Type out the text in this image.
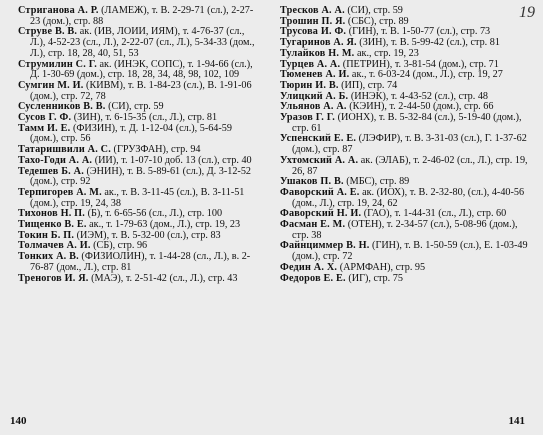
Стриганова А. Р. (ЛАМЕЖ), т. В. 2-29-71 (сл.), 2-27-23 (дом.), стр. 88

Струве В. В. ак. (ИВ, ЛОИИ, ИЯМ), т. 4-76-37 (сл., Л.), 4-52-23 (сл., Л.), 2-22-07 (сл., Л.), 5-34-33 (дом., Л.), стр. 18, 28, 40, 51, 53

Струмилин С. Г. ак. (ИНЭК, СОПС), т. 1-94-66 (сл.), Д. 1-30-69 (дом.), стр. 18, 28, 34, 48, 98, 102, 109

Сумгин М. И. (КИВМ), т. В. 1-84-23 (сл.), В. 1-91-06 (дом.), стр. 72, 78

Сусленников В. В. (СИ), стр. 59

Сусов Г. Ф. (ЗИН), т. 6-15-35 (сл., Л.), стр. 81

Тамм И. Е. (ФИЗИН), т. Д. 1-12-04 (сл.), 5-64-59 (дом.), стр. 56

Татаришвили А. С. (ГРУЗФАН), стр. 94

Тахо-Годи А. А. (ИИ), т. 1-07-10 доб. 13 (сл.), стр. 40

Тедешев Б. А. (ЭНИН), т. В. 5-89-61 (сл.), Д. 3-12-52 (дом.), стр. 92

Терпигорев А. М. ак., т. В. 3-11-45 (сл.), В. 3-11-51 (дом.), стр. 19, 24, 38

Тихонов Н. П. (Б), т. 6-65-56 (сл., Л.), стр. 100

Тищенко В. Е. ак., т. 1-79-63 (дом., Л.), стр. 19, 23

Токин Б. П. (ИЭМ), т. В. 5-32-00 (сл.), стр. 83

Толмачев А. И. (СБ), стр. 96

Тонких А. В. (ФИЗИОЛИН), т. 1-44-28 (сл., Л.), в. 2-76-87 (дом., Л.), стр. 81

Треногов И. Я. (МАЭ), т. 2-51-42 (сл., Л.), стр. 43

140
19

Тресков А. А. (СИ), стр. 59

Трошин П. Я. (СБС), стр. 89

Трусова И. Ф. (ГИН), т. В. 1-50-77 (сл.), стр. 73

Тугаринов А. Я. (ЗИН), т. В. 5-99-42 (сл.), стр. 81

Тулайков Н. М. ак., стр. 19, 23

Турцев А. А. (ПЕТРИН), т. 3-81-54 (дом.), стр. 71

Тюменев А. И. ак., т. 6-03-24 (дом., Л.), стр. 19, 27

Тюрин И. В. (ИП), стр. 74

Улицкий А. Б. (ИНЭК), т. 4-43-52 (сл.), стр. 48

Ульянов А. А. (КЭИН), т. 2-44-50 (дом.), стр. 66

Уразов Г. Г. (ИОНХ), т. В. 5-32-84 (сл.), 5-19-40 (дом.), стр. 61

Успенский Е. Е. (ЛЭФИР), т. В. 3-31-03 (сл.), Г. 1-37-62 (дом.), стр. 87

Ухтомский А. А. ак. (ЭЛАБ), т. 2-46-02 (сл., Л.), стр. 19, 26, 87

Ушаков П. В. (МБС), стр. 89

Фаворский А. Е. ак. (ИОХ), т. В. 2-32-80, (сл.), 4-40-56 (дом., Л.), стр. 19, 24, 62

Фаворский Н. И. (ГАО), т. 1-44-31 (сл., Л.), стр. 60

Фасман Е. М. (ОТЕН), т. 2-34-57 (сл.), 5-08-96 (дом.), стр. 38

Файнциммер В. Н. (ГИН), т. В. 1-50-59 (сл.), Е. 1-03-49 (дом.), стр. 72

Федин А. Х. (АРМФАН), стр. 95

Федоров Е. Е. (ИГ), стр. 75

141
